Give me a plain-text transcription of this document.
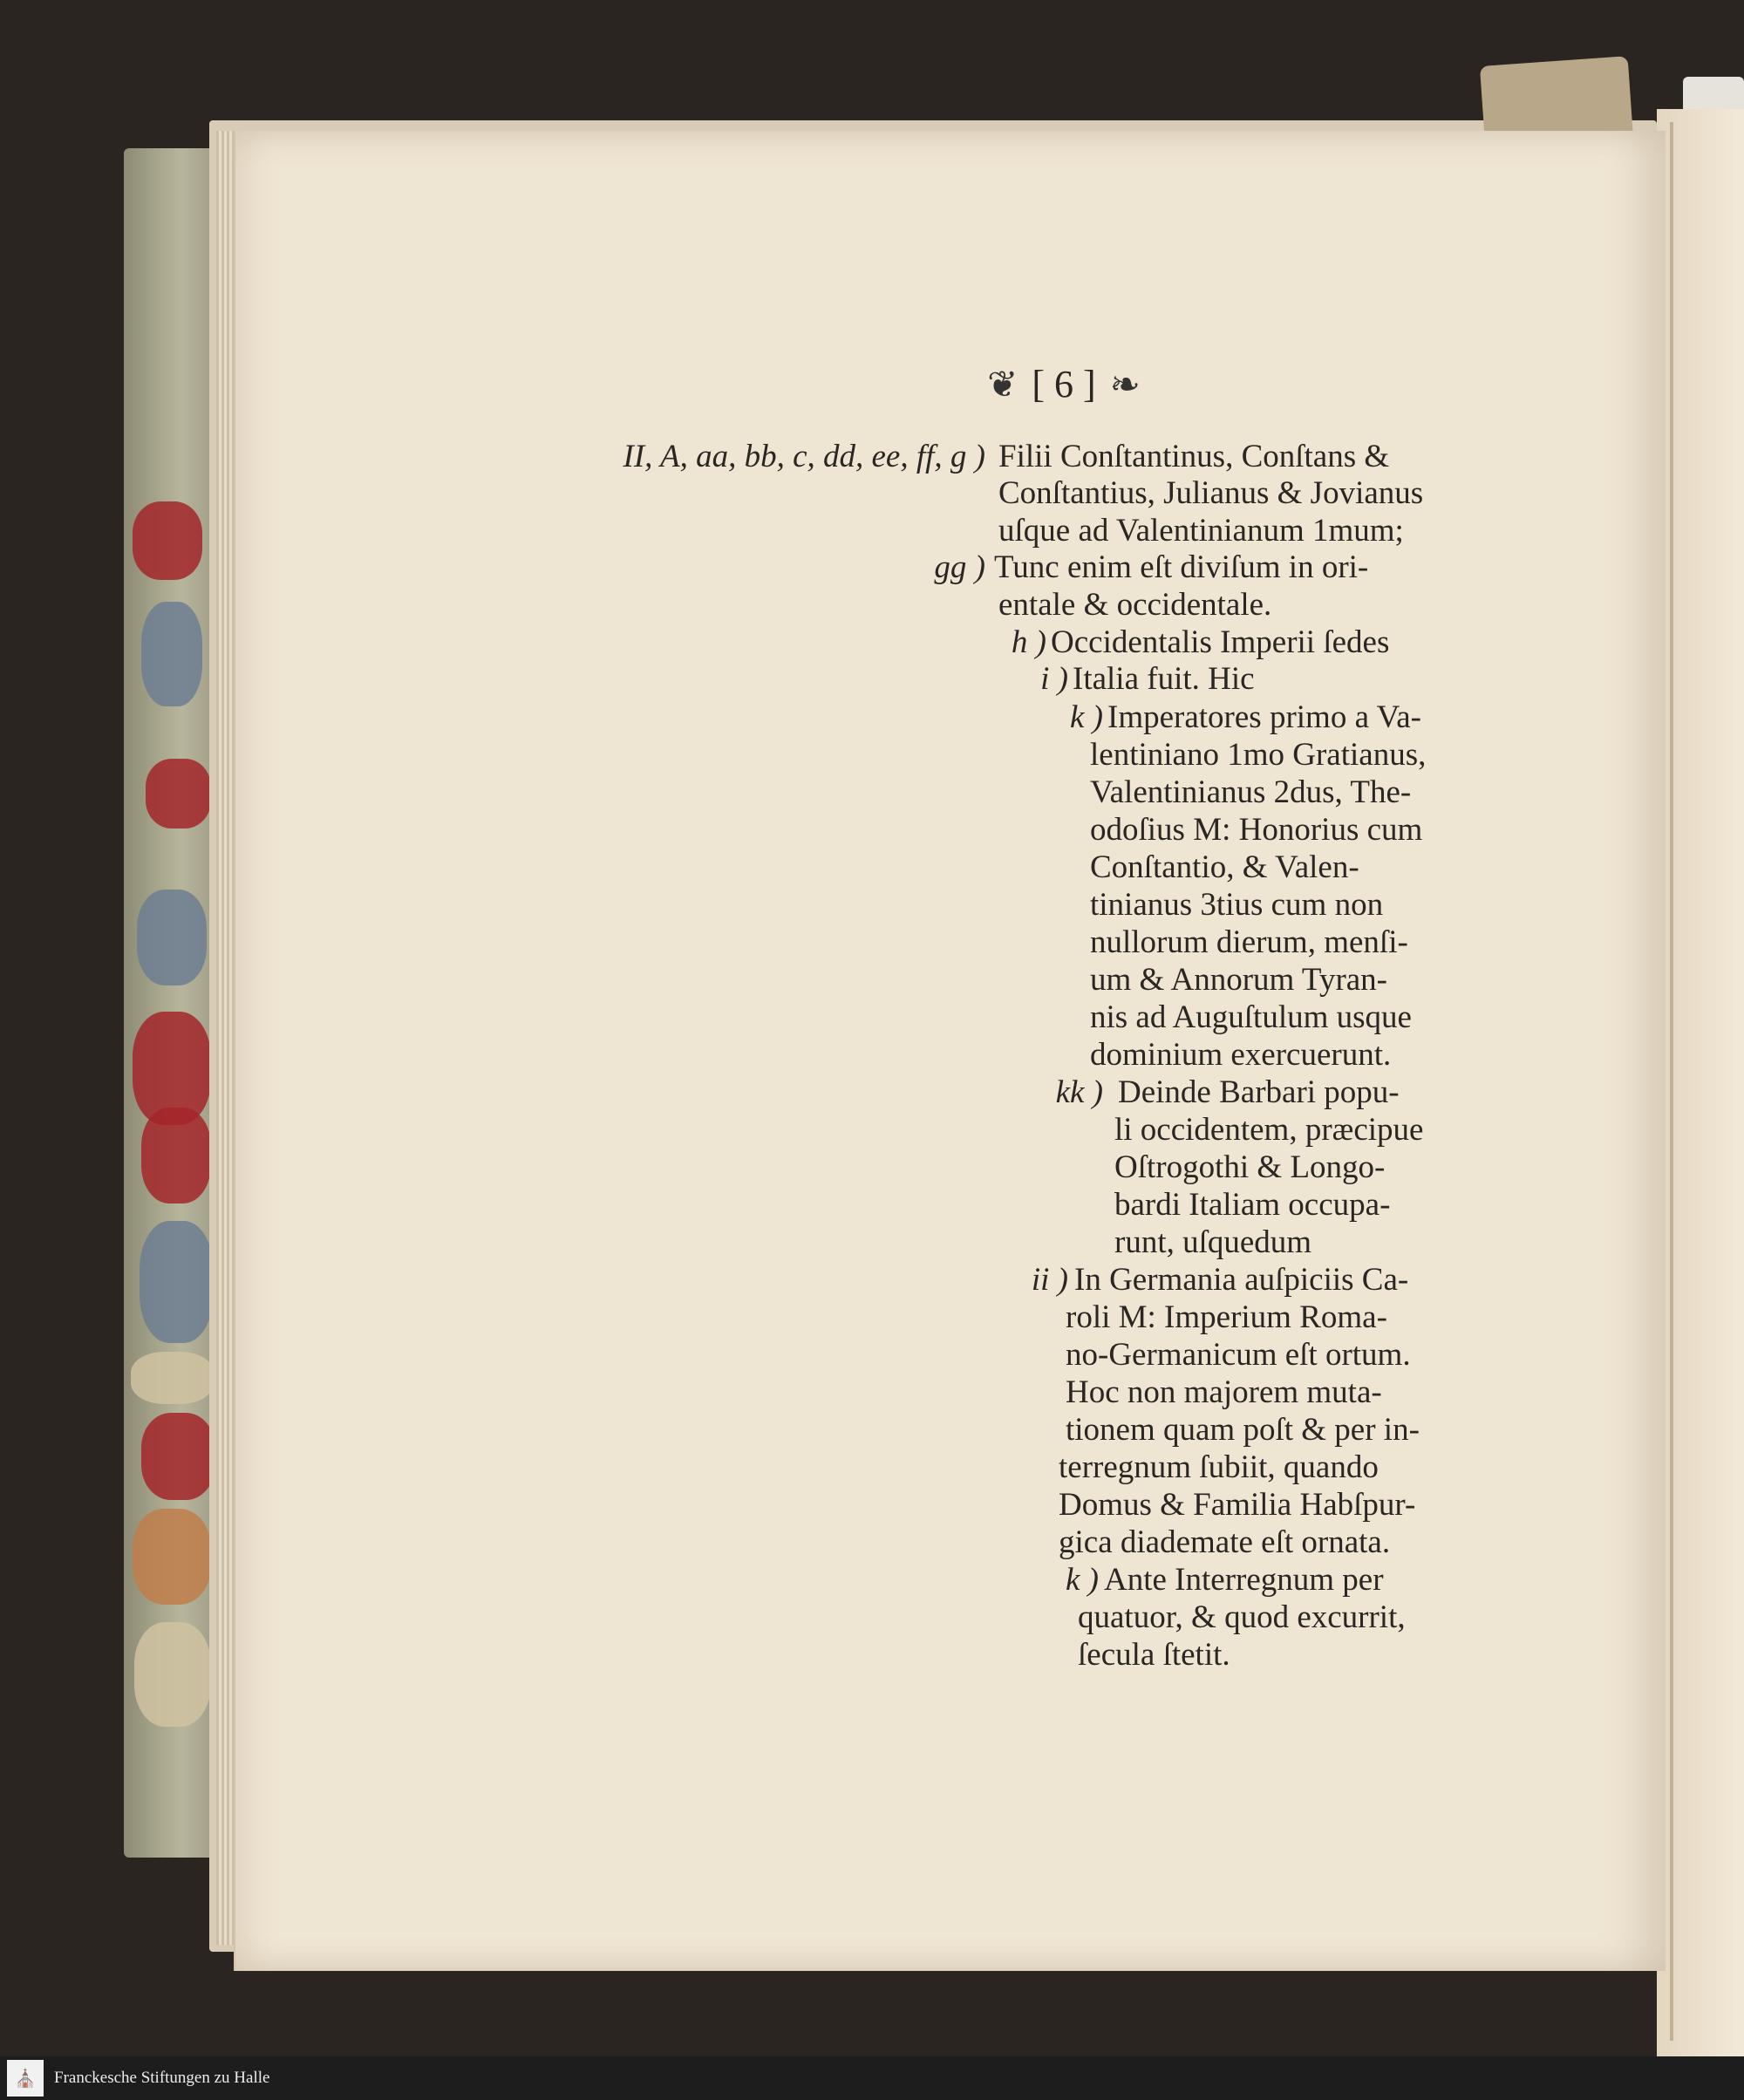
❦ [ 6 ] ❧
II, A, aa, bb, c, dd, ee, ff, g ) Filii Conſtantinus, Conſtans &
Conſtantius, Julianus & Jovianus
uſque ad Valentinianum 1mum;
gg ) Tunc enim eſt diviſum in ori-
entale & occidentale.
h ) Occidentalis Imperii ſedes
i ) Italia fuit. Hic
k ) Imperatores primo a Va-
lentiniano 1mo Gratianus,
Valentinianus 2dus, The-
odoſius M: Honorius cum
Conſtantio, & Valen-
tinianus 3tius cum non
nullorum dierum, menſi-
um & Annorum Tyran-
nis ad Auguſtulum usque
dominium exercuerunt.
kk ) Deinde Barbari popu-
li occidentem, præcipue
Oſtrogothi & Longo-
bardi Italiam occupa-
runt, uſquedum
ii ) In Germania auſpiciis Ca-
roli M: Imperium Roma-
no-Germanicum eſt ortum.
Hoc non majorem muta-
tionem quam poſt & per in-
terregnum ſubiit, quando
Domus & Familia Habſpur-
gica diademate eſt ornata.
k ) Ante Interregnum per
quatuor, & quod excurrit,
ſecula ſtetit.
⛪	Franckesche Stiftungen zu Halle
